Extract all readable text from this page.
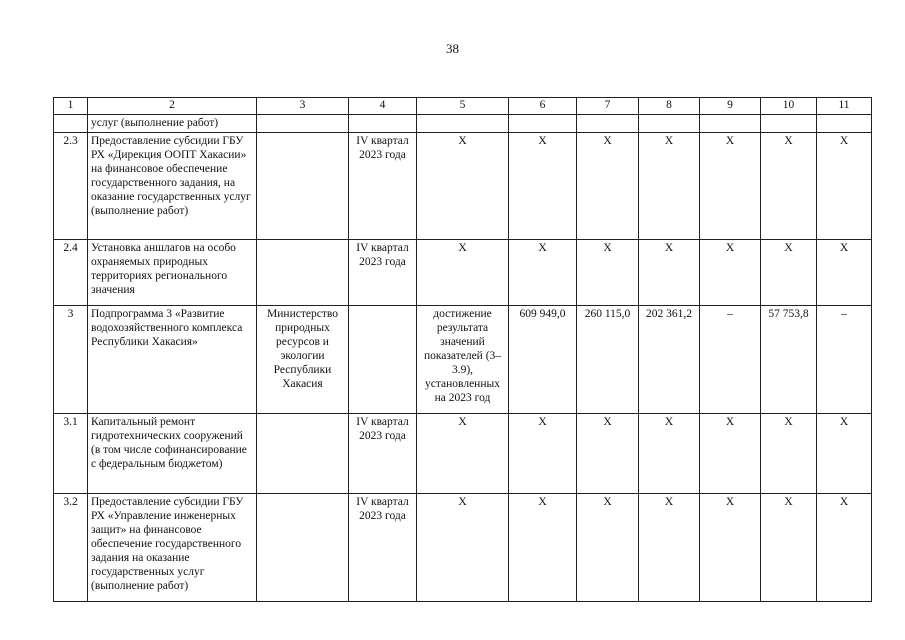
38
1	2	3	4	5	6	7	8	9	10	11
	услуг (выполнение работ)									
2.3	Предоставление субсидии ГБУ РХ «Дирекция ООПТ Хакасии» на финансовое обеспечение государственного задания, на оказание государственных услуг (выполнение работ)		IV квартал 2023 года	Х	Х	Х	Х	Х	Х	Х
2.4	Установка аншлагов на особо охраняемых природных территориях регионального значения		IV квартал 2023 года	Х	Х	Х	Х	Х	Х	Х
3	Подпрограмма 3 «Развитие водохозяйственного комплекса Республики Хакасия»	Министерство природных ресурсов и экологии Республики Хакасия		достижение результата значений показателей (3–3.9), установленных на 2023 год	609 949,0	260 115,0	202 361,2	–	57 753,8	–
3.1	Капитальный ремонт гидротехнических сооружений (в том числе софинансирование с федеральным бюджетом)		IV квартал 2023 года	Х	Х	Х	Х	Х	Х	Х
3.2	Предоставление субсидии ГБУ РХ «Управление инженерных защит» на финансовое обеспечение государственного задания на оказание государственных услуг (выполнение работ)		IV квартал 2023 года	Х	Х	Х	Х	Х	Х	Х
